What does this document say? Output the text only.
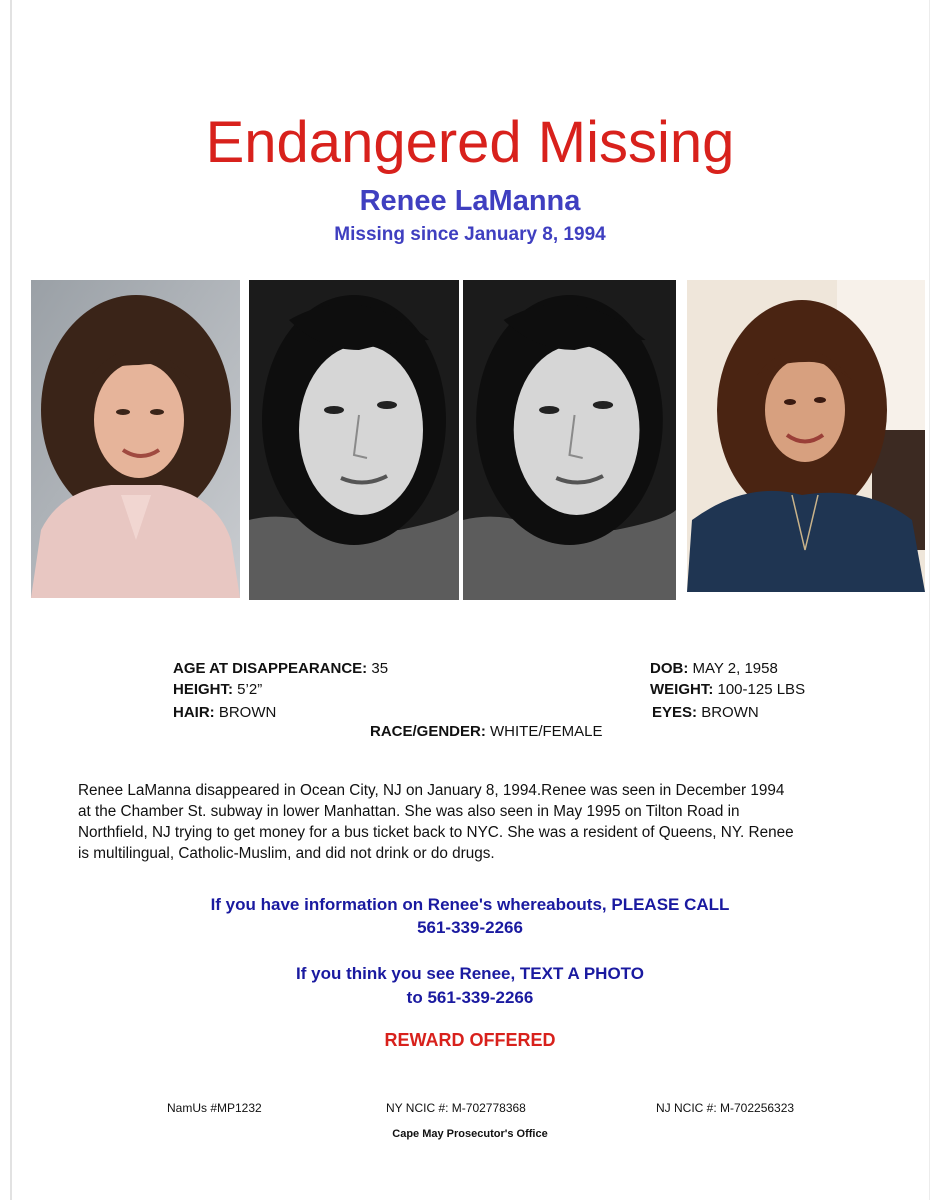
Endangered Missing
Renee LaManna
Missing since January 8, 1994
AGE AT DISAPPEARANCE: 35
HEIGHT: 5’2”
HAIR: BROWN
DOB: MAY 2, 1958
WEIGHT: 100-125 LBS
EYES: BROWN
RACE/GENDER: WHITE/FEMALE
Renee LaManna disappeared in Ocean City, NJ on January 8, 1994.Renee was seen in December 1994
at the Chamber St. subway in lower Manhattan. She was also seen in May 1995 on Tilton Road in
Northfield, NJ trying to get money for a bus ticket back to NYC. She was a resident of Queens, NY. Renee
is multilingual, Catholic-Muslim, and did not drink or do drugs.
If you have information on Renee's whereabouts, PLEASE CALL
561-339-2266
If you think you see Renee, TEXT A PHOTO
to 561-339-2266
REWARD OFFERED
NamUs #MP1232	NY NCIC #: M-702778368	NJ NCIC #: M-702256323
Cape May Prosecutor's Office
